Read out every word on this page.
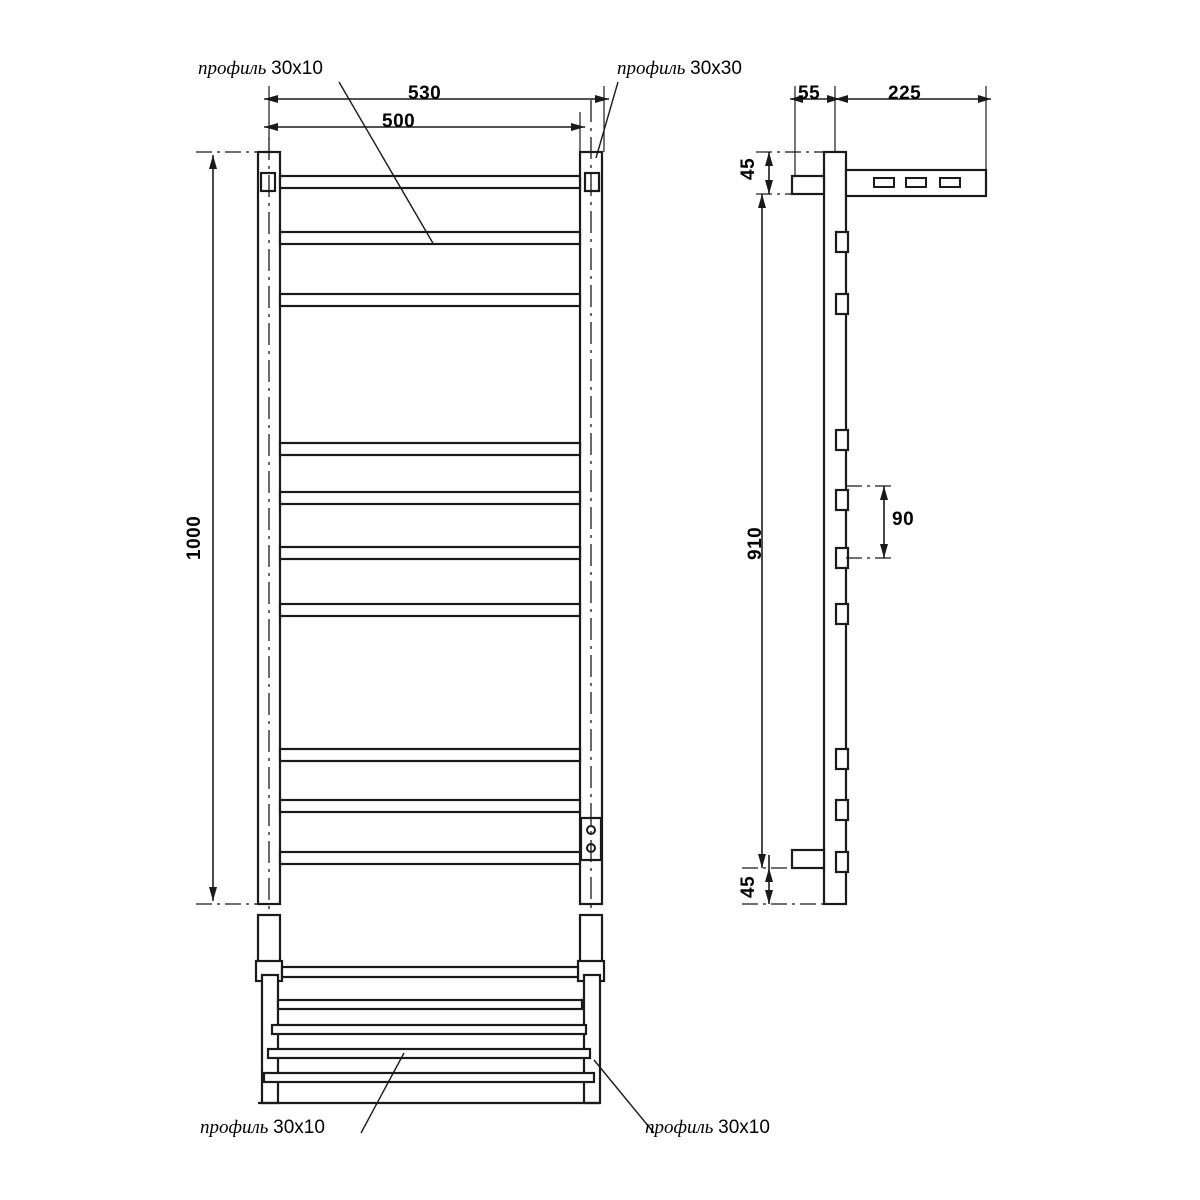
профиль 30x10	профиль 30x30
профиль 30x10	профиль 30x10
530
500
1000
55	225
45
45
910
90
